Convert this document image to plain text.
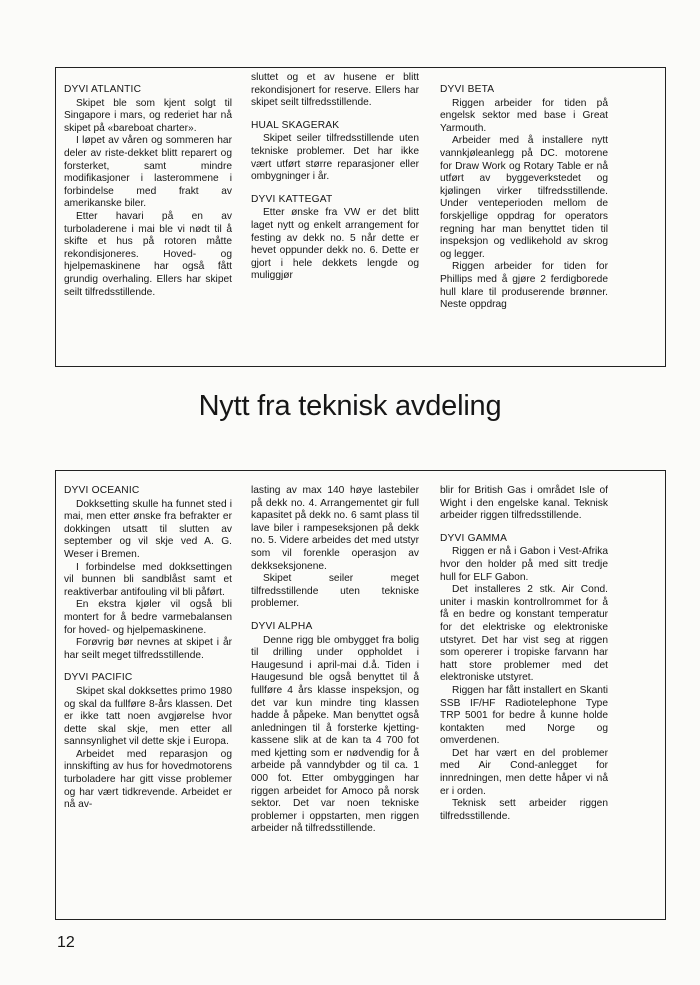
DYVI ATLANTIC

Skipet ble som kjent solgt til Singapore i mars, og rederiet har nå skipet på «bareboat charter».

I løpet av våren og sommeren har deler av riste-dekket blitt reparert og forsterket, samt mindre modifikasjoner i lasterommene i forbindelse med frakt av amerikanske biler.

Etter havari på en av turboladerene i mai ble vi nødt til å skifte et hus på rotoren måtte rekondisjoneres. Hoved- og hjelpemaskinene har også fått grundig overhaling. Ellers har skipet seilt tilfredsstillende.

sluttet og et av husene er blitt rekondisjonert for reserve. Ellers har skipet seilt tilfredsstillende.

HUAL SKAGERAK

Skipet seiler tilfredsstillende uten tekniske problemer. Det har ikke vært utført større reparasjoner eller ombygninger i år.

DYVI KATTEGAT

Etter ønske fra VW er det blitt laget nytt og enkelt arrangement for festing av dekk no. 5 når dette er hevet oppunder dekk no. 6. Dette er gjort i hele dekkets lengde og muliggjør

DYVI BETA

Riggen arbeider for tiden på engelsk sektor med base i Great Yarmouth.

Arbeider med å installere nytt vannkjøleanlegg på DC. motorene for Draw Work og Rotary Table er nå utført av byggeverkstedet og kjølingen virker tilfredsstillende. Under venteperioden mellom de forskjellige oppdrag for operators regning har man benyttet tiden til inspeksjon og vedlikehold av skrog og legger.

Riggen arbeider for tiden for Phillips med å gjøre 2 ferdigborede hull klare til produserende brønner. Neste oppdrag

Nytt fra teknisk avdeling
DYVI OCEANIC

Dokksetting skulle ha funnet sted i mai, men etter ønske fra befrakter er dokkingen utsatt til slutten av september og vil skje ved A. G. Weser i Bremen.

I forbindelse med dokksettingen vil bunnen bli sandblåst samt et reaktiverbar antifouling vil bli påført.

En ekstra kjøler vil også bli montert for å bedre varmebalansen for hoved- og hjelpemaskinene.

Forøvrig bør nevnes at skipet i år har seilt meget tilfredsstillende.

DYVI PACIFIC

Skipet skal dokksettes primo 1980 og skal da fullføre 8-års klassen. Det er ikke tatt noen avgjørelse hvor dette skal skje, men etter all sannsynlighet vil dette skje i Europa.

Arbeidet med reparasjon og innskifting av hus for hovedmotorens turboladere har gitt visse problemer og har vært tidkrevende. Arbeidet er nå av-

lasting av max 140 høye lastebiler på dekk no. 4. Arrangementet gir full kapasitet på dekk no. 6 samt plass til lave biler i rampeseksjonen på dekk no. 5. Videre arbeides det med utstyr som vil forenkle operasjon av dekkseksjonene.

Skipet seiler meget tilfredsstillende uten tekniske problemer.

DYVI ALPHA

Denne rigg ble ombygget fra bolig til drilling under oppholdet i Haugesund i april-mai d.å. Tiden i Haugesund ble også benyttet til å fullføre 4 års klasse inspeksjon, og det var kun mindre ting klassen hadde å påpeke. Man benyttet også anledningen til å forsterke kjetting-kassene slik at de kan ta 4 700 fot med kjetting som er nødvendig for å arbeide på vanndybder og til ca. 1 000 fot. Etter ombyggingen har riggen arbeidet for Amoco på norsk sektor. Det var noen tekniske problemer i oppstarten, men riggen arbeider nå tilfredsstillende.

blir for British Gas i området Isle of Wight i den engelske kanal. Teknisk arbeider riggen tilfredsstillende.

DYVI GAMMA

Riggen er nå i Gabon i Vest-Afrika hvor den holder på med sitt tredje hull for ELF Gabon.

Det installeres 2 stk. Air Cond. uniter i maskin kontrollrommet for å få en bedre og konstant temperatur for det elektriske og elektroniske utstyret. Det har vist seg at riggen som opererer i tropiske farvann har hatt store problemer med det elektroniske utstyret.

Riggen har fått installert en Skanti SSB IF/HF Radiotelephone Type TRP 5001 for bedre å kunne holde kontakten med Norge og omverdenen.

Det har vært en del problemer med Air Cond-anlegget for innredningen, men dette håper vi nå er i orden.

Teknisk sett arbeider riggen tilfredsstillende.

12
